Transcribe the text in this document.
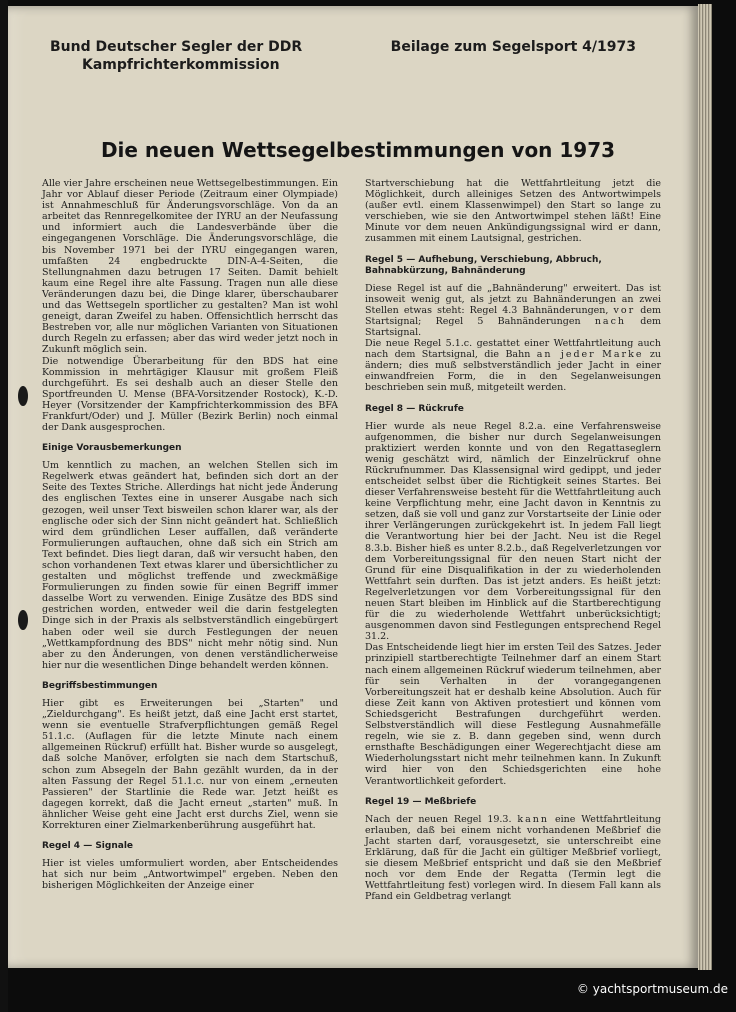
Bund Deutscher Segler der DDR
Kampfrichterkommission
Beilage zum Segelsport 4/1973
Die neuen Wettsegelbestimmungen von 1973

Alle vier Jahre erscheinen neue Wettsegelbestimmungen. Ein Jahr vor Ablauf dieser Periode (Zeitraum einer Olympiade) ist Annahmeschluß für Änderungsvorschläge. Von da an arbeitet das Rennregelkomitee der IYRU an der Neufassung und informiert auch die Landesverbände über die eingegangenen Vorschläge. Die Änderungsvorschläge, die bis November 1971 bei der IYRU eingegangen waren, umfaßten 24 engbedruckte DIN-A-4-Seiten, die Stellungnahmen dazu betrugen 17 Seiten. Damit behielt kaum eine Regel ihre alte Fassung. Tragen nun alle diese Veränderungen dazu bei, die Dinge klarer, überschaubarer und das Wettsegeln sportlicher zu gestalten? Man ist wohl geneigt, daran Zweifel zu haben. Offensichtlich herrscht das Bestreben vor, alle nur möglichen Varianten von Situationen durch Regeln zu erfassen; aber das wird weder jetzt noch in Zukunft möglich sein.

Die notwendige Überarbeitung für den BDS hat eine Kommission in mehrtägiger Klausur mit großem Fleiß durchgeführt. Es sei deshalb auch an dieser Stelle den Sportfreunden U. Mense (BFA-Vorsitzender Rostock), K.-D. Heyer (Vorsitzender der Kampfrichterkommission des BFA Frankfurt/Oder) und J. Müller (Bezirk Berlin) noch einmal der Dank ausgesprochen.

Einige Vorausbemerkungen

Um kenntlich zu machen, an welchen Stellen sich im Regelwerk etwas geändert hat, befinden sich dort an der Seite des Textes Striche. Allerdings hat nicht jede Änderung des englischen Textes eine in unserer Ausgabe nach sich gezogen, weil unser Text bisweilen schon klarer war, als der englische oder sich der Sinn nicht geändert hat. Schließlich wird dem gründlichen Leser auffallen, daß veränderte Formulierungen auftauchen, ohne daß sich ein Strich am Text befindet. Dies liegt daran, daß wir versucht haben, den schon vorhandenen Text etwas klarer und übersichtlicher zu gestalten und möglichst treffende und zweckmäßige Formulierungen zu finden sowie für einen Begriff immer dasselbe Wort zu verwenden. Einige Zusätze des BDS sind gestrichen worden, entweder weil die darin festgelegten Dinge sich in der Praxis als selbstverständlich eingebürgert haben oder weil sie durch Festlegungen der neuen „Wettkampfordnung des BDS" nicht mehr nötig sind. Nun aber zu den Änderungen, von denen verständlicherweise hier nur die wesentlichen Dinge behandelt werden können.

Begriffsbestimmungen

Hier gibt es Erweiterungen bei „Starten" und „Zieldurchgang". Es heißt jetzt, daß eine Jacht erst startet, wenn sie eventuelle Strafverpflichtungen gemäß Regel 51.1.c. (Auflagen für die letzte Minute nach einem allgemeinen Rückruf) erfüllt hat. Bisher wurde so ausgelegt, daß solche Manöver, erfolgten sie nach dem Startschuß, schon zum Absegeln der Bahn gezählt wurden, da in der alten Fassung der Regel 51.1.c. nur von einem „erneuten Passieren" der Startlinie die Rede war. Jetzt heißt es dagegen korrekt, daß die Jacht erneut „starten" muß. In ähnlicher Weise geht eine Jacht erst durchs Ziel, wenn sie Korrekturen einer Zielmarkenberührung ausgeführt hat.

Regel 4 — Signale

Hier ist vieles umformuliert worden, aber Entscheidendes hat sich nur beim „Antwortwimpel" ergeben. Neben den bisherigen Möglichkeiten der Anzeige einer

Startverschiebung hat die Wettfahrtleitung jetzt die Möglichkeit, durch alleiniges Setzen des Antwortwimpels (außer evtl. einem Klassenwimpel) den Start so lange zu verschieben, wie sie den Antwortwimpel stehen läßt! Eine Minute vor dem neuen Ankündigungssignal wird er dann, zusammen mit einem Lautsignal, gestrichen.

Regel 5 — Aufhebung, Verschiebung, Abbruch, Bahnabkürzung, Bahnänderung

Diese Regel ist auf die „Bahnänderung" erweitert. Das ist insoweit wenig gut, als jetzt zu Bahnänderungen an zwei Stellen etwas steht: Regel 4.3 Bahnänderungen, vor dem Startsignal; Regel 5 Bahnänderungen nach dem Startsignal.

Die neue Regel 5.1.c. gestattet einer Wettfahrtleitung auch nach dem Startsignal, die Bahn an jeder Marke zu ändern; dies muß selbstverständlich jeder Jacht in einer einwandfreien Form, die in den Segelanweisungen beschrieben sein muß, mitgeteilt werden.

Regel 8 — Rückrufe

Hier wurde als neue Regel 8.2.a. eine Verfahrensweise aufgenommen, die bisher nur durch Segelanweisungen praktiziert werden konnte und von den Regattaseglern wenig geschätzt wird, nämlich der Einzelrückruf ohne Rückrufnummer. Das Klassensignal wird gedippt, und jeder entscheidet selbst über die Richtigkeit seines Startes. Bei dieser Verfahrensweise besteht für die Wettfahrtleitung auch keine Verpflichtung mehr, eine Jacht davon in Kenntnis zu setzen, daß sie voll und ganz zur Vorstartseite der Linie oder ihrer Verlängerungen zurückgekehrt ist. In jedem Fall liegt die Verantwortung hier bei der Jacht. Neu ist die Regel 8.3.b. Bisher hieß es unter 8.2.b., daß Regelverletzungen vor dem Vorbereitungssignal für den neuen Start nicht der Grund für eine Disqualifikation in der zu wiederholenden Wettfahrt sein durften. Das ist jetzt anders. Es heißt jetzt: Regelverletzungen vor dem Vorbereitungssignal für den neuen Start bleiben im Hinblick auf die Startberechtigung für die zu wiederholende Wettfahrt unberücksichtigt; ausgenommen davon sind Festlegungen entsprechend Regel 31.2.

Das Entscheidende liegt hier im ersten Teil des Satzes. Jeder prinzipiell startberechtigte Teilnehmer darf an einem Start nach einem allgemeinen Rückruf wiederum teilnehmen, aber für sein Verhalten in der vorangegangenen Vorbereitungszeit hat er deshalb keine Absolution. Auch für diese Zeit kann von Aktiven protestiert und können vom Schiedsgericht Bestrafungen durchgeführt werden. Selbstverständlich will diese Festlegung Ausnahmefälle regeln, wie sie z. B. dann gegeben sind, wenn durch ernsthafte Beschädigungen einer Wegerechtjacht diese am Wiederholungsstart nicht mehr teilnehmen kann. In Zukunft wird hier von den Schiedsgerichten eine hohe Verantwortlichkeit gefordert.

Regel 19 — Meßbriefe

Nach der neuen Regel 19.3. kann eine Wettfahrtleitung erlauben, daß bei einem nicht vorhandenen Meßbrief die Jacht starten darf, vorausgesetzt, sie unterschreibt eine Erklärung, daß für die Jacht ein gültiger Meßbrief vorliegt, sie diesem Meßbrief entspricht und daß sie den Meßbrief noch vor dem Ende der Regatta (Termin legt die Wettfahrtleitung fest) vorlegen wird. In diesem Fall kann als Pfand ein Geldbetrag verlangt

© yachtsportmuseum.de
